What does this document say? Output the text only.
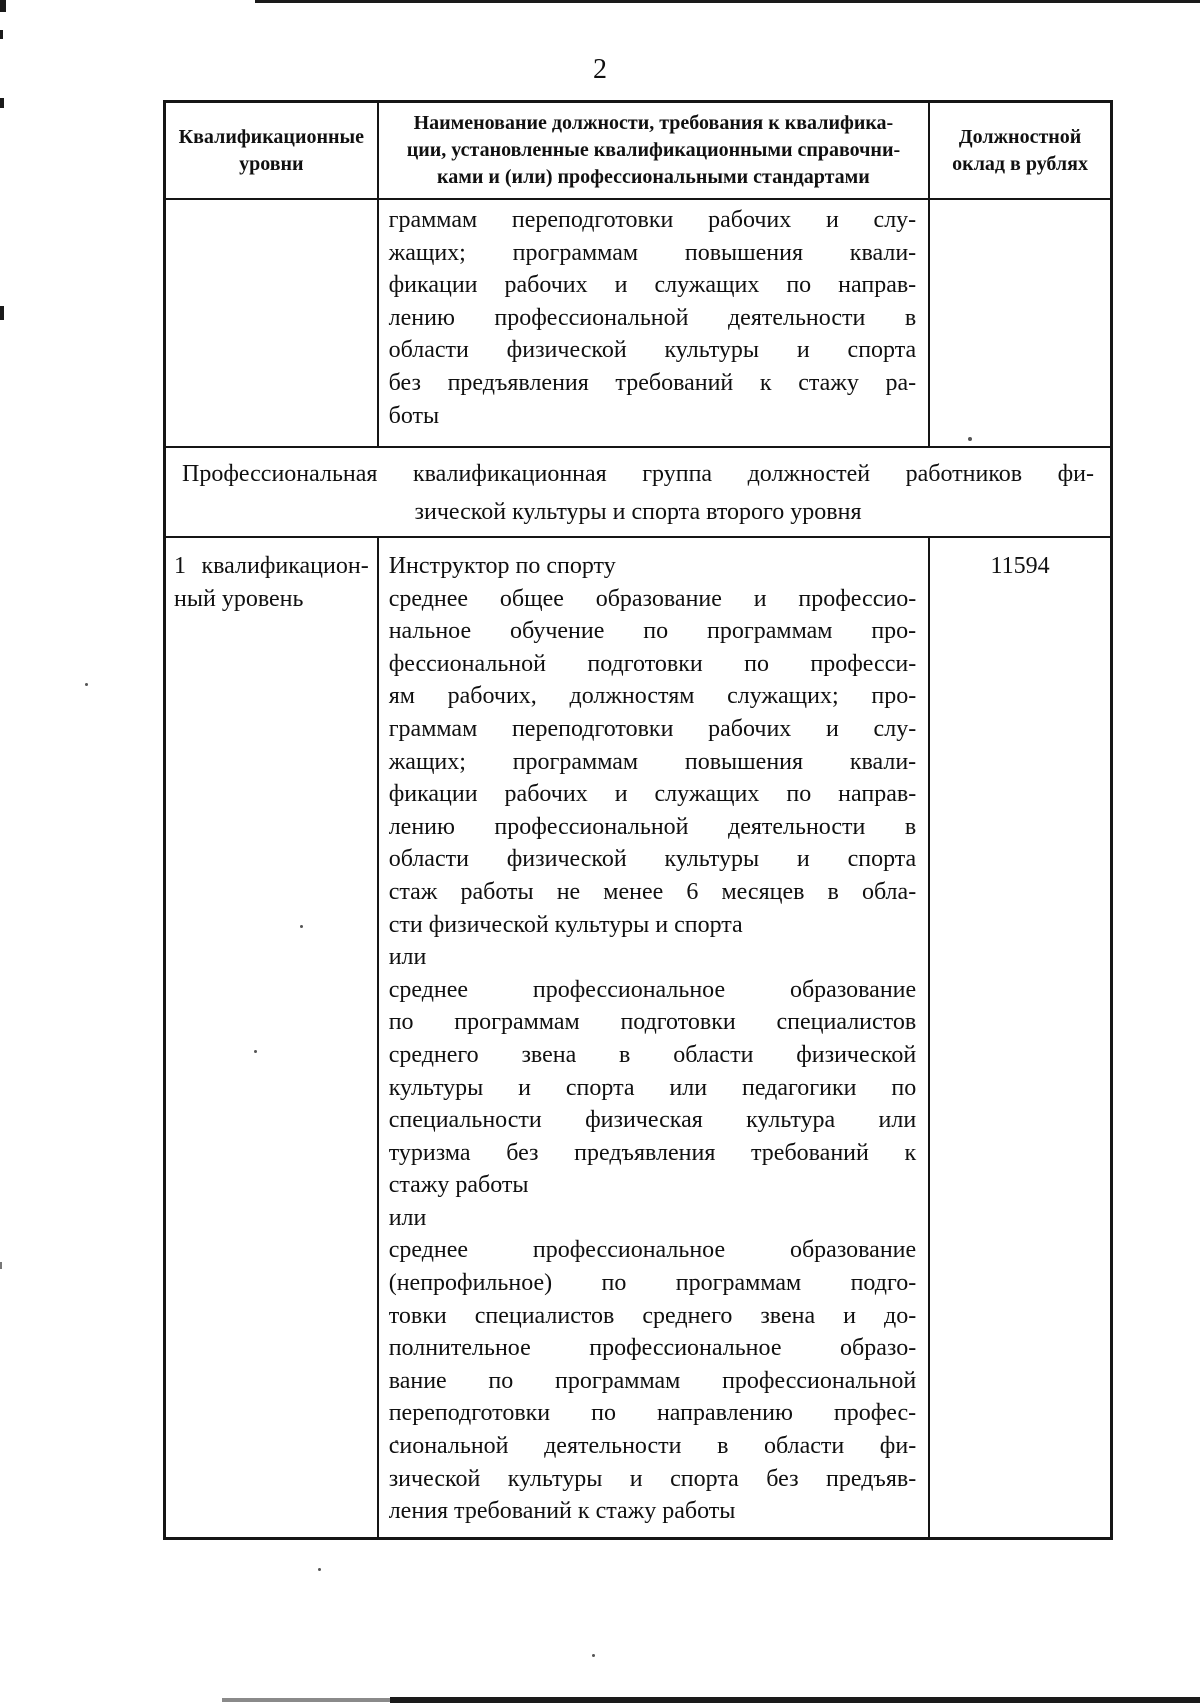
2
Квалификационные
уровни
Наименование должности, требования к квалифика-
ции, установленные квалификационными справочни-
ками и (или) профессиональными стандартами
Должностной
оклад в рублях
граммам переподготовки рабочих и слу-
жащих; программам повышения квали-
фикации рабочих и служащих по направ-
лению профессиональной деятельности в
области физической культуры и спорта
без предъявления требований к стажу ра-
боты
Профессиональная квалификационная группа должностей работников фи-
зической культуры и спорта второго уровня
1 квалификацион-
ный уровень
Инструктор по спорту
среднее общее образование и профессио-
нальное обучение по программам про-
фессиональной подготовки по професси-
ям рабочих, должностям служащих; про-
граммам переподготовки рабочих и слу-
жащих; программам повышения квали-
фикации рабочих и служащих по направ-
лению профессиональной деятельности в
области физической культуры и спорта
стаж работы не менее 6 месяцев в обла-
сти физической культуры и спорта
или
среднее профессиональное образование
по программам подготовки специалистов
среднего звена в области физической
культуры и спорта или педагогики по
специальности физическая культура или
туризма без предъявления требований к
стажу работы
или
среднее профессиональное образование
(непрофильное) по программам подго-
товки специалистов среднего звена и до-
полнительное профессиональное образо-
вание по программам профессиональной
переподготовки по направлению профес-
сиональной деятельности в области фи-
зической культуры и спорта без предъяв-
ления требований к стажу работы
11594
